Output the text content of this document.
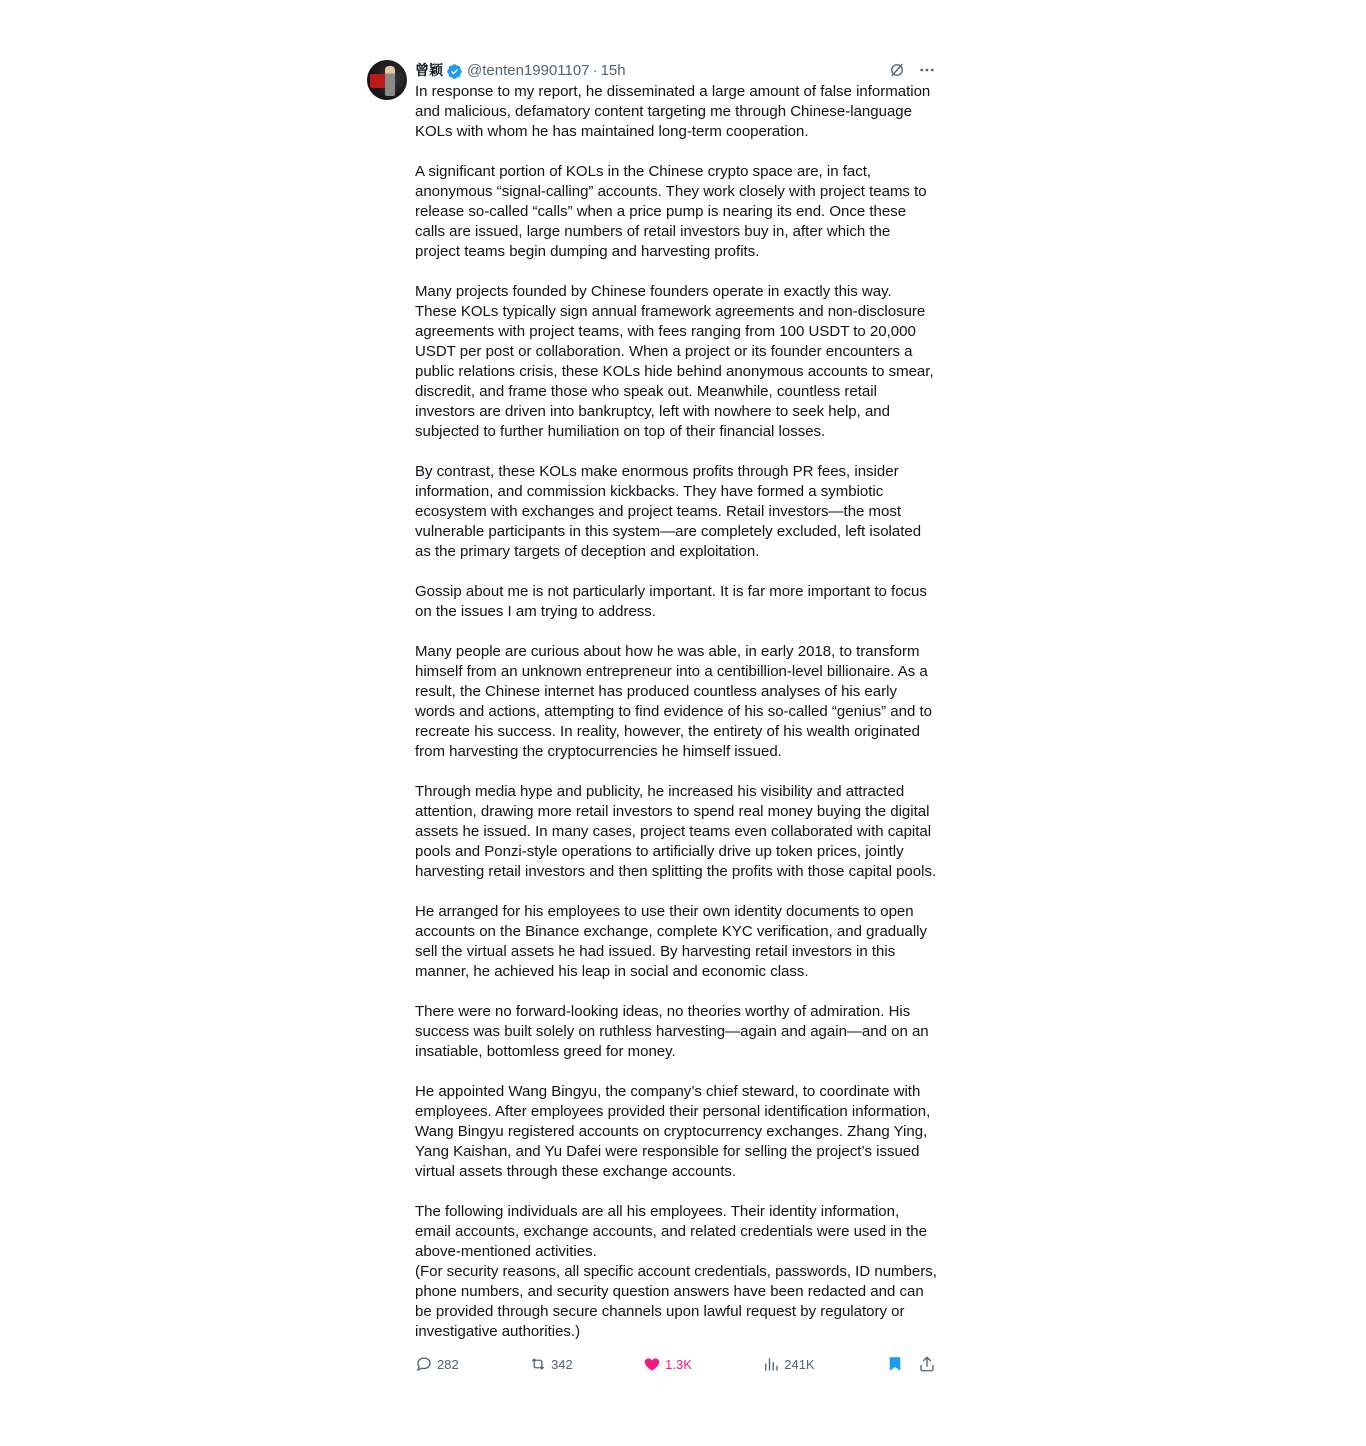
曾颖 @tenten19901107 · 15h

In response to my report, he disseminated a large amount of false information and malicious, defamatory content targeting me through Chinese-language KOLs with whom he has maintained long-term cooperation.

A significant portion of KOLs in the Chinese crypto space are, in fact, anonymous “signal-calling” accounts. They work closely with project teams to release so-called “calls” when a price pump is nearing its end. Once these calls are issued, large numbers of retail investors buy in, after which the project teams begin dumping and harvesting profits.

Many projects founded by Chinese founders operate in exactly this way. These KOLs typically sign annual framework agreements and non-disclosure agreements with project teams, with fees ranging from 100 USDT to 20,000 USDT per post or collaboration. When a project or its founder encounters a public relations crisis, these KOLs hide behind anonymous accounts to smear, discredit, and frame those who speak out. Meanwhile, countless retail investors are driven into bankruptcy, left with nowhere to seek help, and subjected to further humiliation on top of their financial losses.

By contrast, these KOLs make enormous profits through PR fees, insider information, and commission kickbacks. They have formed a symbiotic ecosystem with exchanges and project teams. Retail investors—the most vulnerable participants in this system—are completely excluded, left isolated as the primary targets of deception and exploitation.

Gossip about me is not particularly important. It is far more important to focus on the issues I am trying to address.

Many people are curious about how he was able, in early 2018, to transform himself from an unknown entrepreneur into a centibillion-level billionaire. As a result, the Chinese internet has produced countless analyses of his early words and actions, attempting to find evidence of his so-called “genius” and to recreate his success. In reality, however, the entirety of his wealth originated from harvesting the cryptocurrencies he himself issued.

Through media hype and publicity, he increased his visibility and attracted attention, drawing more retail investors to spend real money buying the digital assets he issued. In many cases, project teams even collaborated with capital pools and Ponzi-style operations to artificially drive up token prices, jointly harvesting retail investors and then splitting the profits with those capital pools.

He arranged for his employees to use their own identity documents to open accounts on the Binance exchange, complete KYC verification, and gradually sell the virtual assets he had issued. By harvesting retail investors in this manner, he achieved his leap in social and economic class.

There were no forward-looking ideas, no theories worthy of admiration. His success was built solely on ruthless harvesting—again and again—and on an insatiable, bottomless greed for money.

He appointed Wang Bingyu, the company’s chief steward, to coordinate with employees. After employees provided their personal identification information, Wang Bingyu registered accounts on cryptocurrency exchanges. Zhang Ying, Yang Kaishan, and Yu Dafei were responsible for selling the project’s issued virtual assets through these exchange accounts.

The following individuals are all his employees. Their identity information, email accounts, exchange accounts, and related credentials were used in the above-mentioned activities.
(For security reasons, all specific account credentials, passwords, ID numbers, phone numbers, and security question answers have been redacted and can be provided through secure channels upon lawful request by regulatory or investigative authorities.)

282	342	1.3K	241K
